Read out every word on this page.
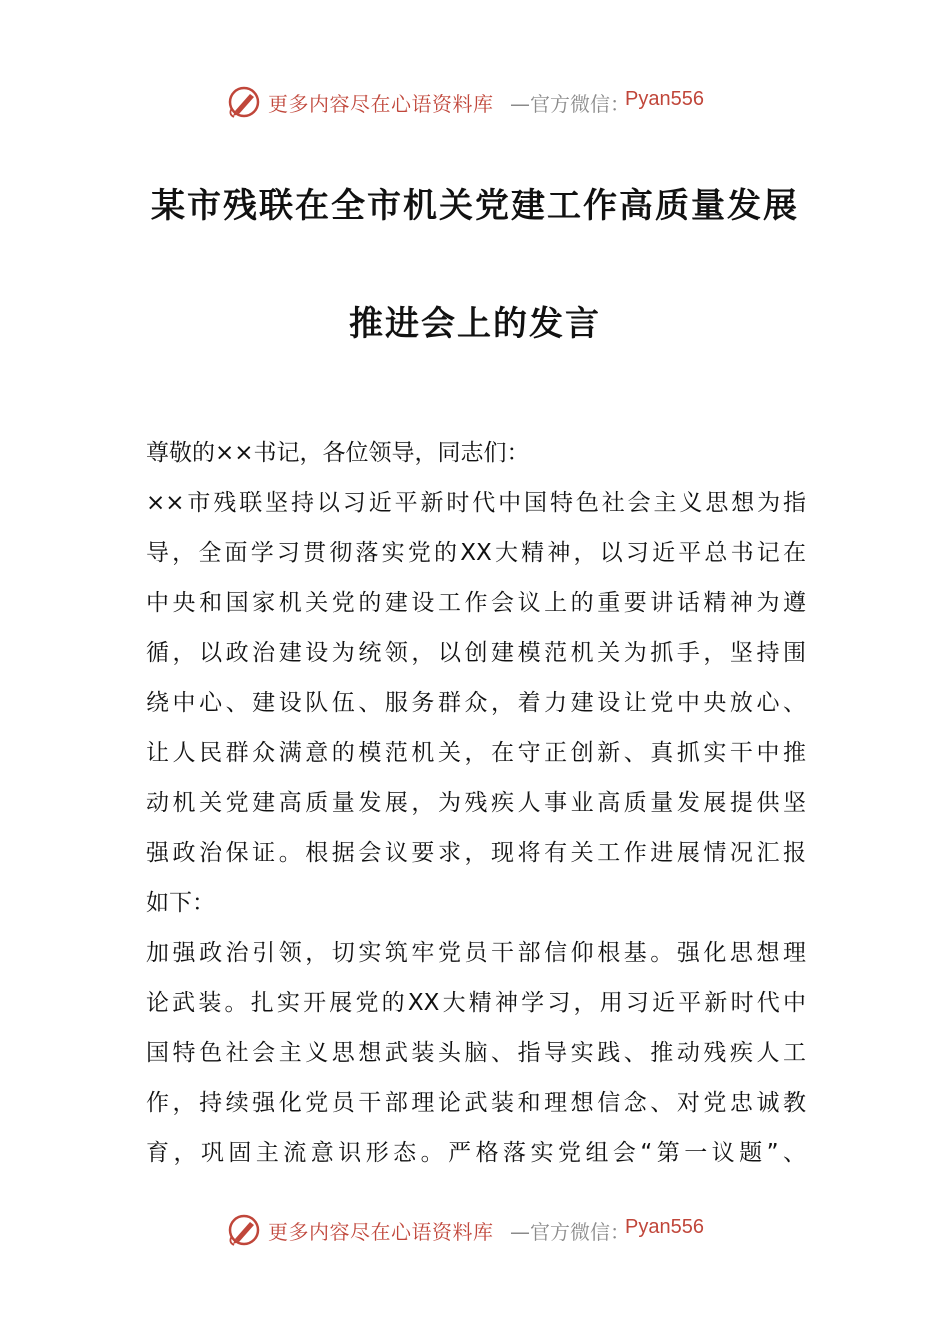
更多内容尽在心语资料库 —官方微信：
Pyan556
某市残联在全市机关党建工作高质量发展
推进会上的发言
尊敬的××书记，各位领导，同志们：
××市残联坚持以习近平新时代中国特色社会主义思想为指
导，全面学习贯彻落实党的XX大精神，以习近平总书记在
中央和国家机关党的建设工作会议上的重要讲话精神为遵
循，以政治建设为统领，以创建模范机关为抓手，坚持围
绕中心、建设队伍、服务群众，着力建设让党中央放心、
让人民群众满意的模范机关，在守正创新、真抓实干中推
动机关党建高质量发展，为残疾人事业高质量发展提供坚
强政治保证。根据会议要求，现将有关工作进展情况汇报
如下：
加强政治引领，切实筑牢党员干部信仰根基。强化思想理
论武装。扎实开展党的XX大精神学习，用习近平新时代中
国特色社会主义思想武装头脑、指导实践、推动残疾人工
作，持续强化党员干部理论武装和理想信念、对党忠诚教
育，巩固主流意识形态。严格落实党组会“第一议题”、
更多内容尽在心语资料库 —官方微信：
Pyan556
